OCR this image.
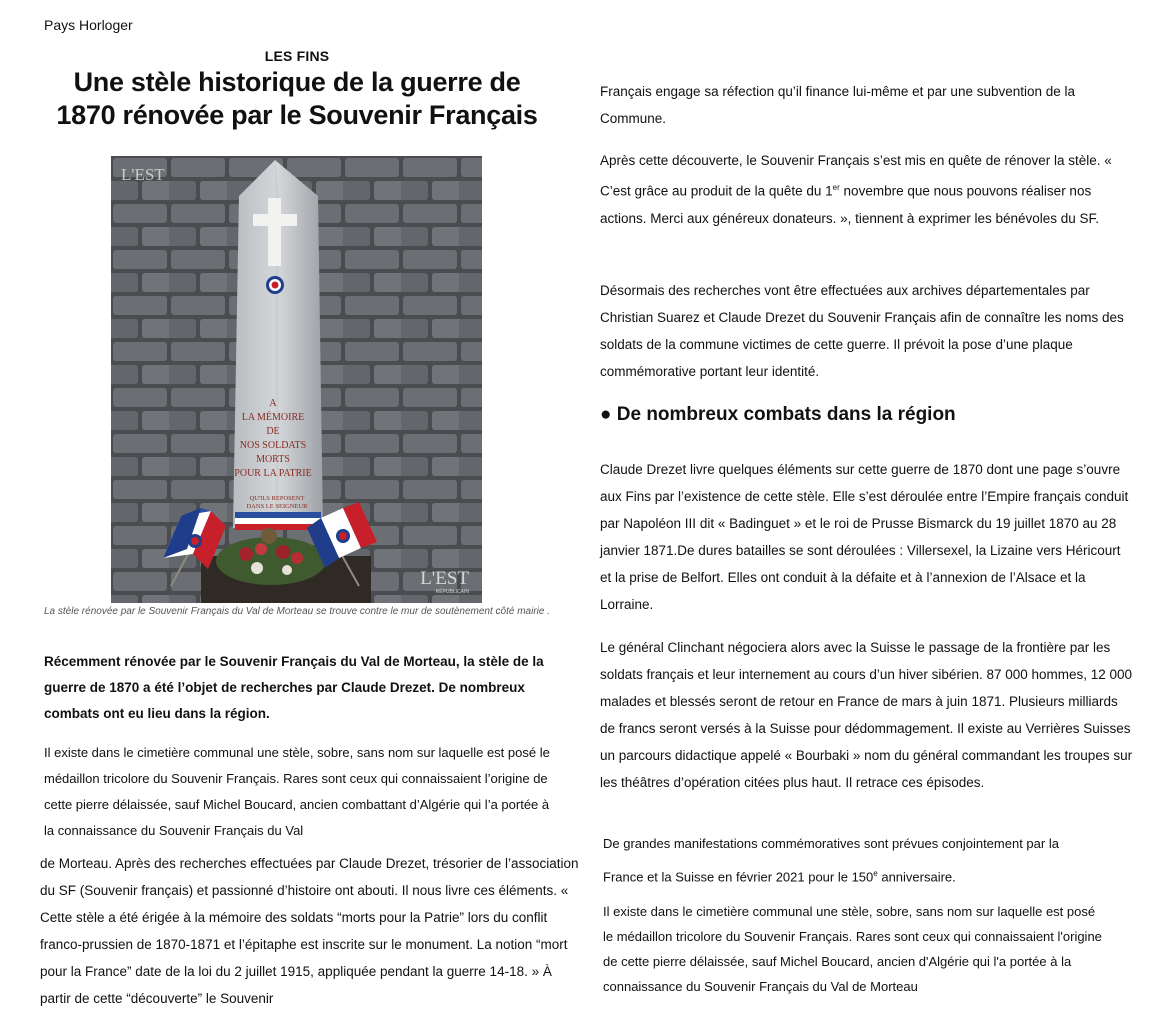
Pays Horloger
LES FINS
Une stèle historique de la guerre de 1870 rénovée par le Souvenir Français
A
LA MÉMOIRE
DE
NOS SOLDATS
MORTS
POUR LA PATRIE
QU'ILS REPOSENT
DANS LE SEIGNEUR
L'EST
L'EST
RÉPUBLICAIN
La stèle rénovée par le Souvenir Français du Val de Morteau se trouve contre le mur de soutènement côté mairie .

Récemment rénovée par le Souvenir Français du Val de Morteau, la stèle de la guerre de 1870 a été l’objet de recherches par Claude Drezet. De nombreux combats ont eu lieu dans la région.

Il existe dans le cimetière communal une stèle, sobre, sans nom sur laquelle est posé le médaillon tricolore du Souvenir Français. Rares sont ceux qui connaissaient l’origine de cette pierre délaissée, sauf Michel Boucard, ancien combattant d’Algérie qui l’a portée à la connaissance du Souvenir Français du Val

de Morteau. Après des recherches effectuées par Claude Drezet, trésorier de l’association du SF (Souvenir français) et passionné d’histoire ont abouti. Il nous livre ces éléments. « Cette stèle a été érigée à la mémoire des soldats “morts pour la Patrie” lors du conflit franco-prussien de 1870-1871 et l’épitaphe est inscrite sur le monument. La notion “mort pour la France” date de la loi du 2 juillet 1915, appliquée pendant la guerre 14-18. » À partir de cette “découverte” le Souvenir

Français engage sa réfection qu’il finance lui-même et par une subvention de la Commune.

Après cette découverte, le Souvenir Français s’est mis en quête de rénover la stèle. « C’est grâce au produit de la quête du 1er novembre que nous pouvons réaliser nos actions. Merci aux généreux donateurs. », tiennent à exprimer les bénévoles du SF.

Désormais des recherches vont être effectuées aux archives départementales par Christian Suarez et Claude Drezet du Souvenir Français afin de connaître les noms des soldats de la commune victimes de cette guerre. Il prévoit la pose d’une plaque commémorative portant leur identité.

● De nombreux combats dans la région

Claude Drezet livre quelques éléments sur cette guerre de 1870 dont une page s’ouvre aux Fins par l’existence de cette stèle. Elle s’est déroulée entre l’Empire français conduit par Napoléon III dit « Badinguet » et le roi de Prusse Bismarck du 19 juillet 1870 au 28 janvier 1871.De dures batailles se sont déroulées : Villersexel, la Lizaine vers Héricourt et la prise de Belfort. Elles ont conduit à la défaite et à l’annexion de l’Alsace et la Lorraine.

Le général Clinchant négociera alors avec la Suisse le passage de la frontière par les soldats français et leur internement au cours d’un hiver sibérien. 87 000 hommes, 12 000 malades et blessés seront de retour en France de mars à juin 1871. Plusieurs milliards de francs seront versés à la Suisse pour dédommagement. Il existe au Verrières Suisses un parcours didactique appelé « Bourbaki » nom du général commandant les troupes sur les théâtres d’opération citées plus haut. Il retrace ces épisodes.

De grandes manifestations commémoratives sont prévues conjointement par la France et la Suisse en février 2021 pour le 150e anniversaire.

Il existe dans le cimetière communal une stèle, sobre, sans nom sur laquelle est posé le médaillon tricolore du Souvenir Français. Rares sont ceux qui connaissaient l'origine de cette pierre délaissée, sauf Michel Boucard, ancien d'Algérie qui l'a portée à la connaissance du Souvenir Français du Val de Morteau
